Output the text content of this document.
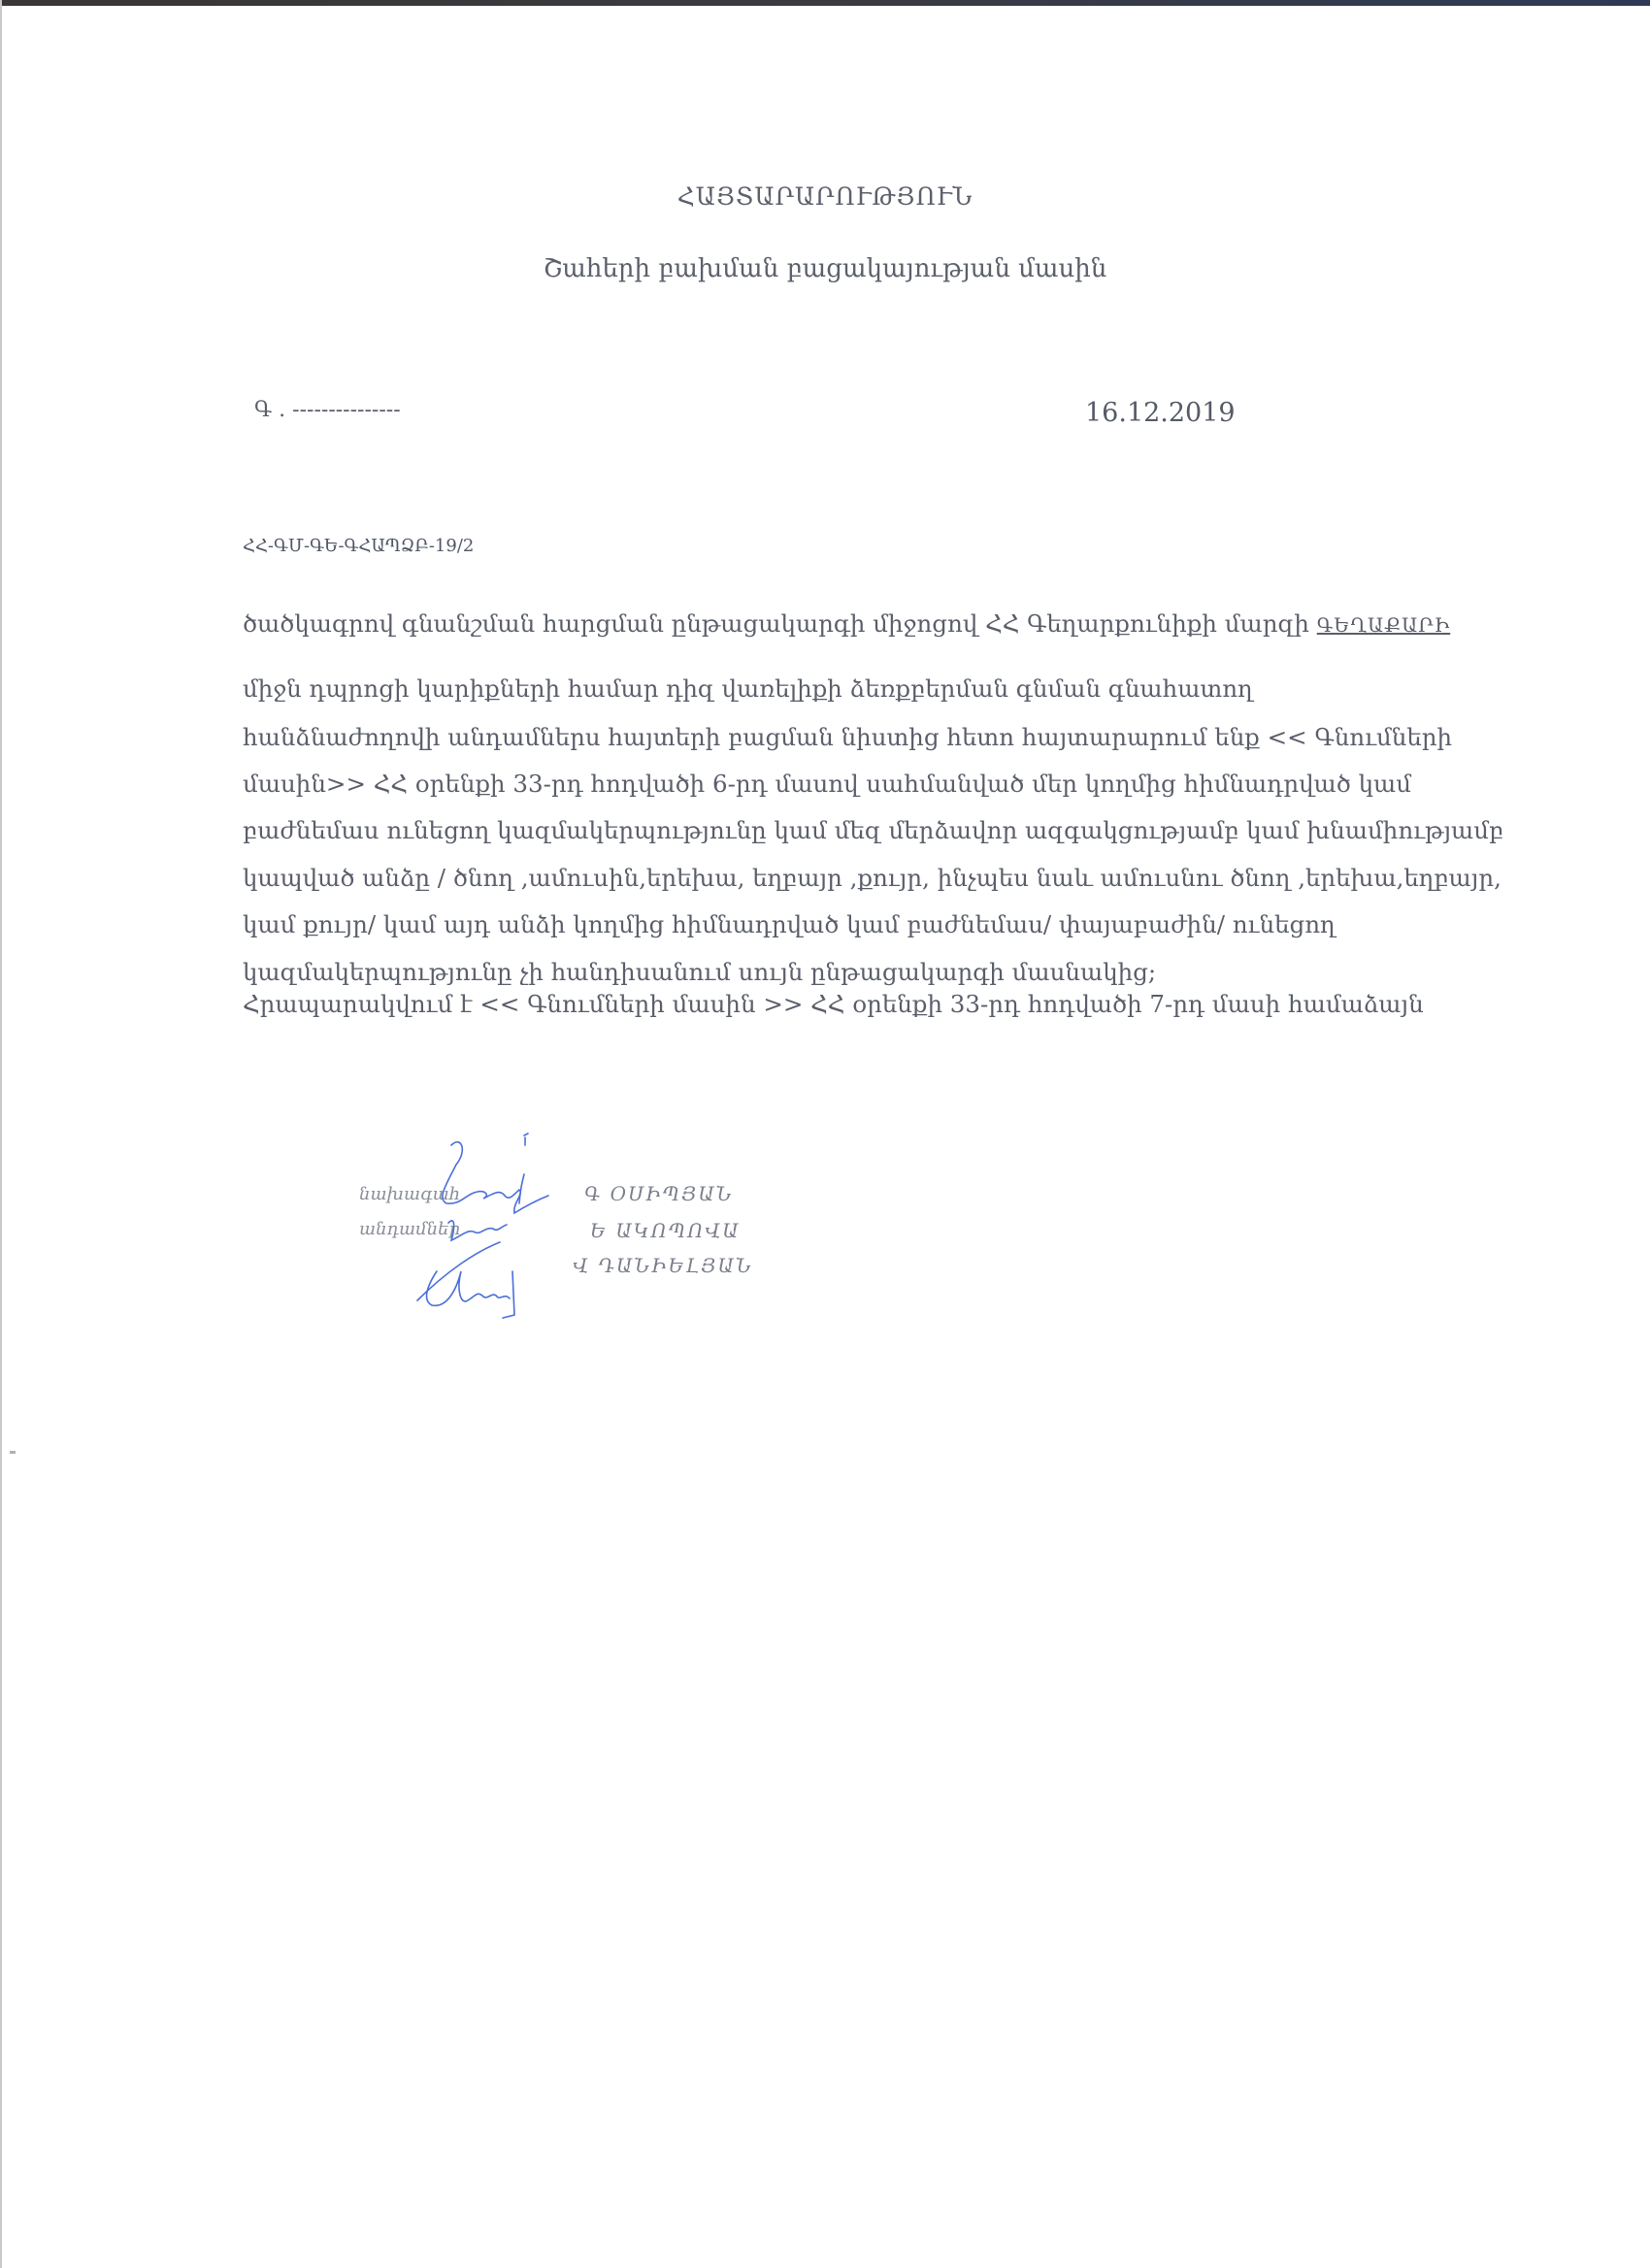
ՀԱՅՏԱՐԱՐՈՒԹՅՈՒՆ
Շահերի բախման բացակայության մասին
Գ . ---------------	16.12.2019
ՀՀ-ԳՄ-ԳԵ-ԳՀԱՊՁԲ-19/2
ծածկագրով գնանշման հարցման ընթացակարգի միջոցով ՀՀ Գեղարքունիքի մարզի ԳԵՂԱՔԱՐԻ
միջն դպրոցի կարիքների համար դիզ վառելիքի ձեռքբերման գնման գնահատող
հանձնաժողովի անդամներս հայտերի բացման նիստից հետո հայտարարում ենք << Գնումների
մասին>> ՀՀ օրենքի 33-րդ հոդվածի 6-րդ մասով սահմանված մեր կողմից հիմնադրված կամ
բաժնեմաս ունեցող կազմակերպությունը կամ մեզ մերձավոր ազգակցությամբ կամ խնամիությամբ
կապված անձը / ծնող ,ամուսին,երեխա, եղբայր ,քույր, ինչպես նաև ամուսնու ծնող ,երեխա,եղբայր,
կամ քույր/ կամ այդ անձի կողմից հիմնադրված կամ բաժնեմաս/ փայաբաժին/ ունեցող
կազմակերպությունը չի հանդիսանում սույն ընթացակարգի մասնակից;
Հրապարակվում է << Գնումների մասին >> ՀՀ օրենքի 33-րդ հոդվածի 7-րդ մասի համաձայն
նախագահ
անդամներ
Գ ՕՍԻՊՅԱՆ
Ե ԱԿՈՊՈՎԱ
Վ ԴԱՆԻԵԼՅԱՆ
